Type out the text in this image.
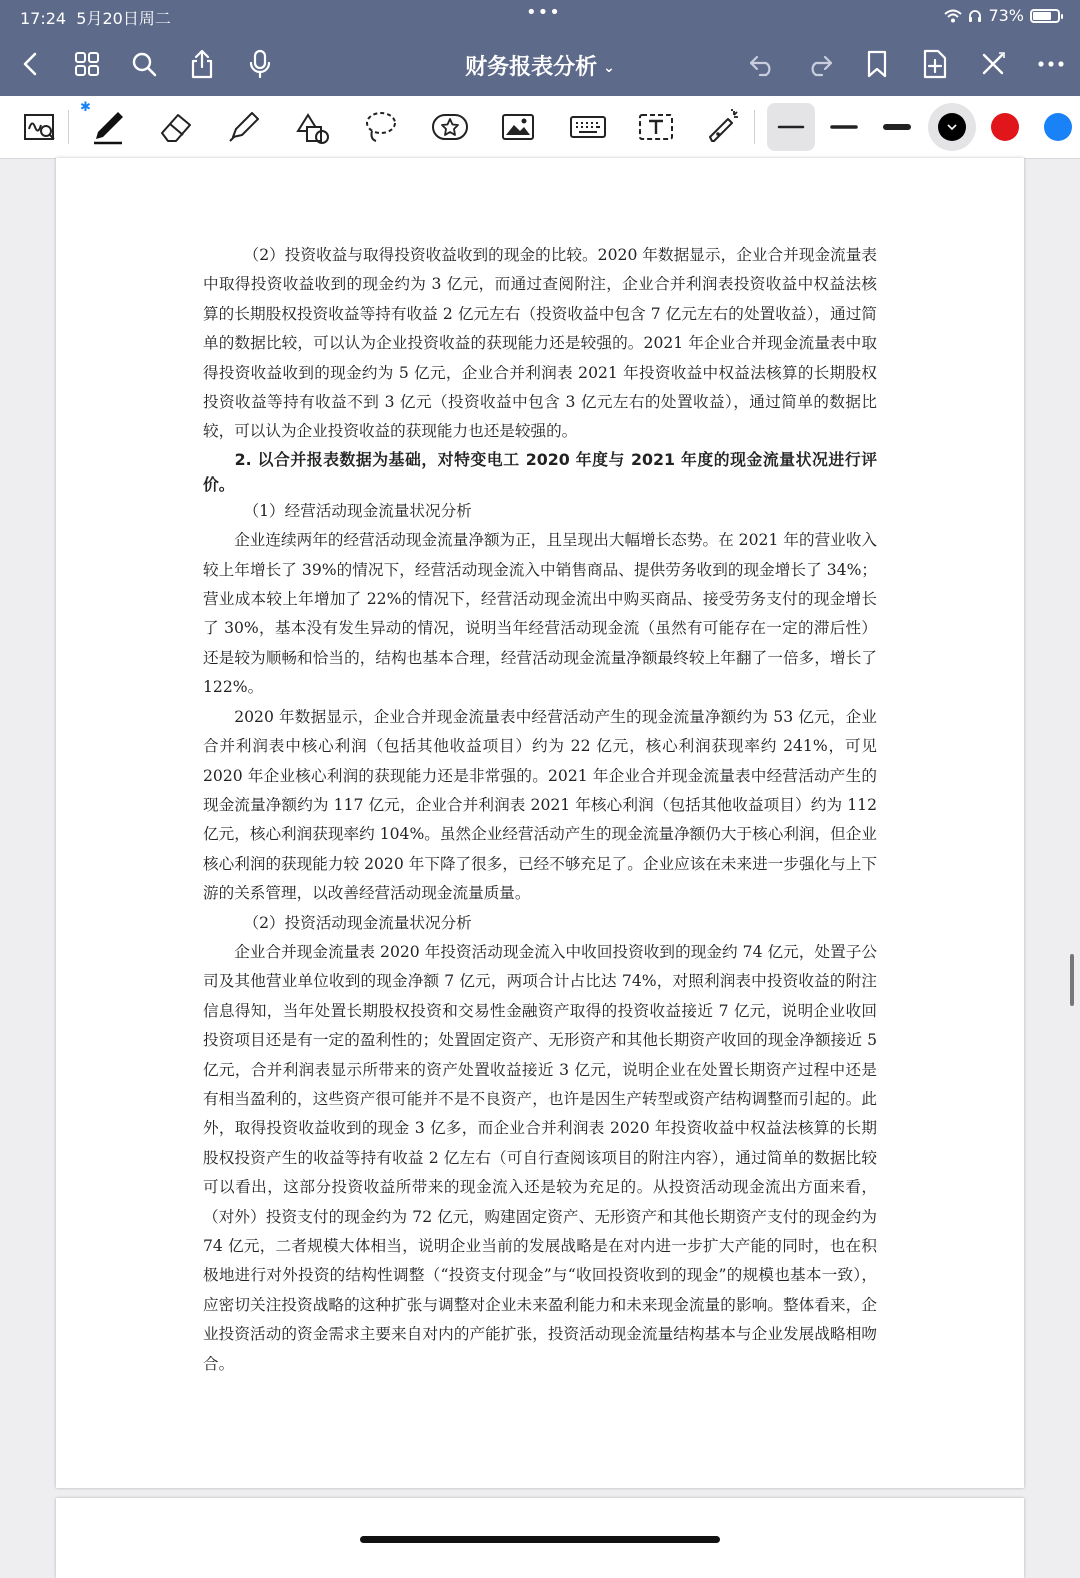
17:24 5月20日周二	•••	73%
财务报表分析 ⌄
✱

（2）投资收益与取得投资收益收到的现金的比较。2020 年数据显示，企业合并现金流量表中取得投资收益收到的现金约为 3 亿元，而通过查阅附注，企业合并利润表投资收益中权益法核算的长期股权投资收益等持有收益 2 亿元左右（投资收益中包含 7 亿元左右的处置收益），通过简单的数据比较，可以认为企业投资收益的获现能力还是较强的。2021 年企业合并现金流量表中取得投资收益收到的现金约为 5 亿元，企业合并利润表 2021 年投资收益中权益法核算的长期股权投资收益等持有收益不到 3 亿元（投资收益中包含 3 亿元左右的处置收益），通过简单的数据比较，可以认为企业投资收益的获现能力也还是较强的。

2. 以合并报表数据为基础，对特变电工 2020 年度与 2021 年度的现金流量状况进行评价。

（1）经营活动现金流量状况分析

企业连续两年的经营活动现金流量净额为正，且呈现出大幅增长态势。在 2021 年的营业收入较上年增长了 39%的情况下，经营活动现金流入中销售商品、提供劳务收到的现金增长了 34%；营业成本较上年增加了 22%的情况下，经营活动现金流出中购买商品、接受劳务支付的现金增长了 30%，基本没有发生异动的情况，说明当年经营活动现金流（虽然有可能存在一定的滞后性）还是较为顺畅和恰当的，结构也基本合理，经营活动现金流量净额最终较上年翻了一倍多，增长了 122%。

2020 年数据显示，企业合并现金流量表中经营活动产生的现金流量净额约为 53 亿元，企业合并利润表中核心利润（包括其他收益项目）约为 22 亿元，核心利润获现率约 241%，可见 2020 年企业核心利润的获现能力还是非常强的。2021 年企业合并现金流量表中经营活动产生的现金流量净额约为 117 亿元，企业合并利润表 2021 年核心利润（包括其他收益项目）约为 112 亿元，核心利润获现率约 104%。虽然企业经营活动产生的现金流量净额仍大于核心利润，但企业核心利润的获现能力较 2020 年下降了很多，已经不够充足了。企业应该在未来进一步强化与上下游的关系管理，以改善经营活动现金流量质量。

（2）投资活动现金流量状况分析

企业合并现金流量表 2020 年投资活动现金流入中收回投资收到的现金约 74 亿元，处置子公司及其他营业单位收到的现金净额 7 亿元，两项合计占比达 74%，对照利润表中投资收益的附注信息得知，当年处置长期股权投资和交易性金融资产取得的投资收益接近 7 亿元，说明企业收回投资项目还是有一定的盈利性的；处置固定资产、无形资产和其他长期资产收回的现金净额接近 5 亿元，合并利润表显示所带来的资产处置收益接近 3 亿元，说明企业在处置长期资产过程中还是有相当盈利的，这些资产很可能并不是不良资产，也许是因生产转型或资产结构调整而引起的。此外，取得投资收益收到的现金 3 亿多，而企业合并利润表 2020 年投资收益中权益法核算的长期股权投资产生的收益等持有收益 2 亿左右（可自行查阅该项目的附注内容），通过简单的数据比较可以看出，这部分投资收益所带来的现金流入还是较为充足的。从投资活动现金流出方面来看，（对外）投资支付的现金约为 72 亿元，购建固定资产、无形资产和其他长期资产支付的现金约为 74 亿元，二者规模大体相当，说明企业当前的发展战略是在对内进一步扩大产能的同时，也在积极地进行对外投资的结构性调整（“投资支付现金”与“收回投资收到的现金”的规模也基本一致），应密切关注投资战略的这种扩张与调整对企业未来盈利能力和未来现金流量的影响。整体看来，企业投资活动的资金需求主要来自对内的产能扩张，投资活动现金流量结构基本与企业发展战略相吻合。
